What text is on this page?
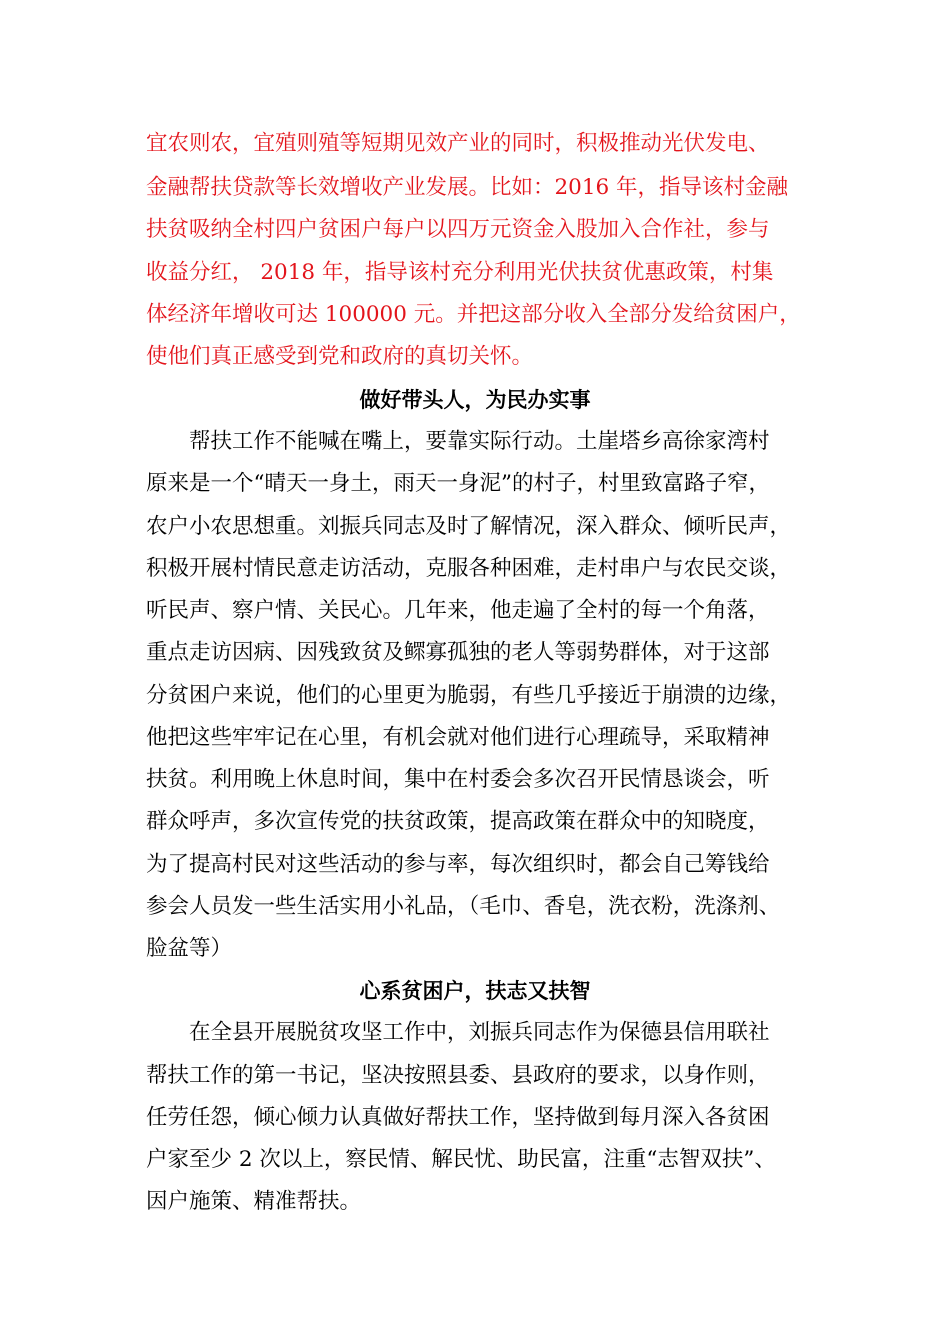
宜农则农，宜殖则殖等短期见效产业的同时，积极推动光伏发电、
金融帮扶贷款等长效增收产业发展。比如：2016 年，指导该村金融
扶贫吸纳全村四户贫困户每户以四万元资金入股加入合作社，参与
收益分红， 2018 年，指导该村充分利用光伏扶贫优惠政策，村集
体经济年增收可达 100000 元。并把这部分收入全部分发给贫困户，
使他们真正感受到党和政府的真切关怀。
做好带头人，为民办实事
帮扶工作不能喊在嘴上，要靠实际行动。土崖塔乡高徐家湾村
原来是一个“晴天一身土，雨天一身泥”的村子，村里致富路子窄，
农户小农思想重。刘振兵同志及时了解情况，深入群众、倾听民声，
积极开展村情民意走访活动，克服各种困难，走村串户与农民交谈，
听民声、察户情、关民心。几年来，他走遍了全村的每一个角落，
重点走访因病、因残致贫及鳏寡孤独的老人等弱势群体，对于这部
分贫困户来说，他们的心里更为脆弱，有些几乎接近于崩溃的边缘，
他把这些牢牢记在心里，有机会就对他们进行心理疏导，采取精神
扶贫。利用晚上休息时间，集中在村委会多次召开民情恳谈会，听
群众呼声，多次宣传党的扶贫政策，提高政策在群众中的知晓度，
为了提高村民对这些活动的参与率，每次组织时，都会自己筹钱给
参会人员发一些生活实用小礼品，（毛巾、香皂，洗衣粉，洗涤剂、
脸盆等）
心系贫困户，扶志又扶智
在全县开展脱贫攻坚工作中，刘振兵同志作为保德县信用联社
帮扶工作的第一书记，坚决按照县委、县政府的要求，以身作则，
任劳任怨，倾心倾力认真做好帮扶工作，坚持做到每月深入各贫困
户家至少 2 次以上，察民情、解民忧、助民富，注重“志智双扶”、
因户施策、精准帮扶。
